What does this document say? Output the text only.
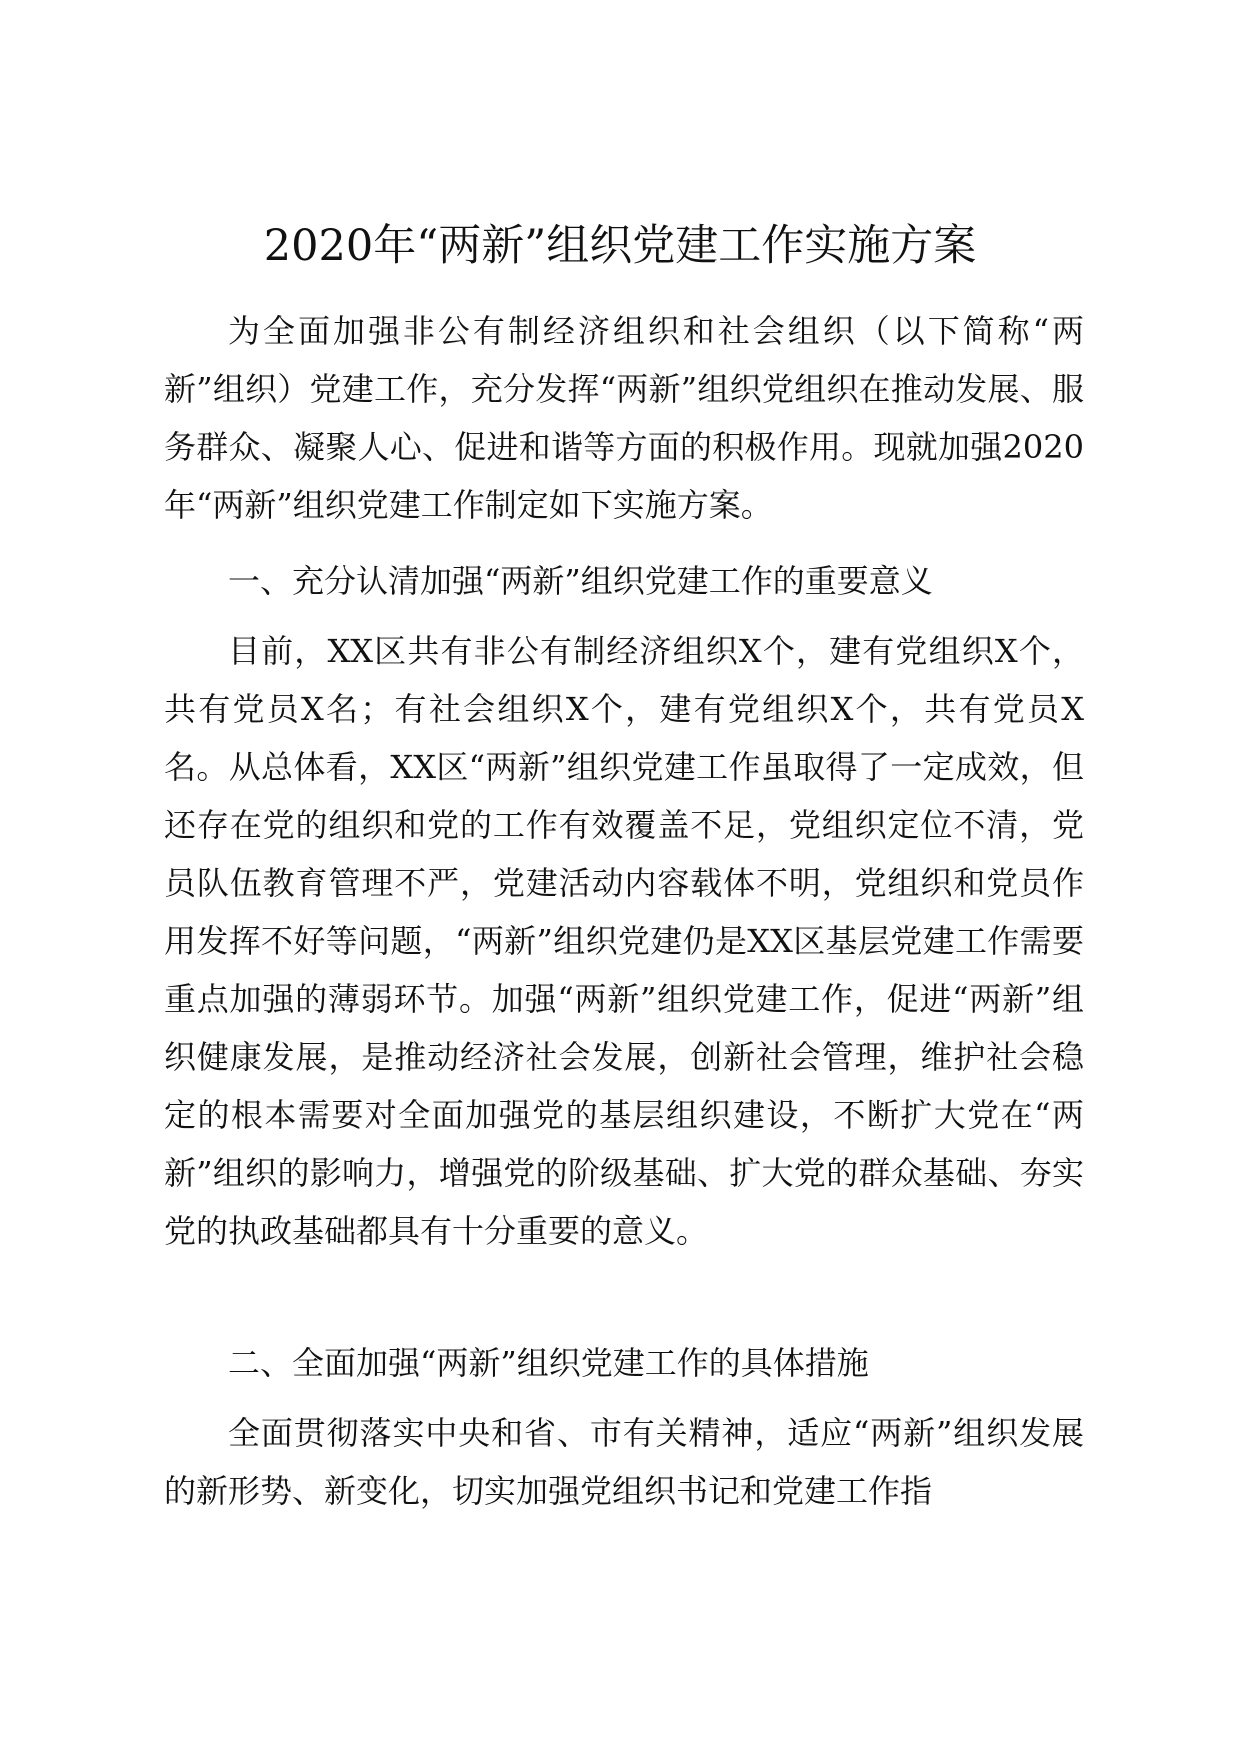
2020年“两新”组织党建工作实施方案

为全面加强非公有制经济组织和社会组织（以下简称“两新”组织）党建工作，充分发挥“两新”组织党组织在推动发展、服务群众、凝聚人心、促进和谐等方面的积极作用。现就加强2020年“两新”组织党建工作制定如下实施方案。

一、充分认清加强“两新”组织党建工作的重要意义

目前，XX区共有非公有制经济组织X个，建有党组织X个，共有党员X名；有社会组织X个，建有党组织X个，共有党员X名。从总体看，XX区“两新”组织党建工作虽取得了一定成效，但还存在党的组织和党的工作有效覆盖不足，党组织定位不清，党员队伍教育管理不严，党建活动内容载体不明，党组织和党员作用发挥不好等问题，“两新”组织党建仍是XX区基层党建工作需要重点加强的薄弱环节。加强“两新”组织党建工作，促进“两新”组织健康发展，是推动经济社会发展，创新社会管理，维护社会稳定的根本需要对全面加强党的基层组织建设，不断扩大党在“两新”组织的影响力，增强党的阶级基础、扩大党的群众基础、夯实党的执政基础都具有十分重要的意义。

二、全面加强“两新”组织党建工作的具体措施

全面贯彻落实中央和省、市有关精神，适应“两新”组织发展的新形势、新变化，切实加强党组织书记和党建工作指
